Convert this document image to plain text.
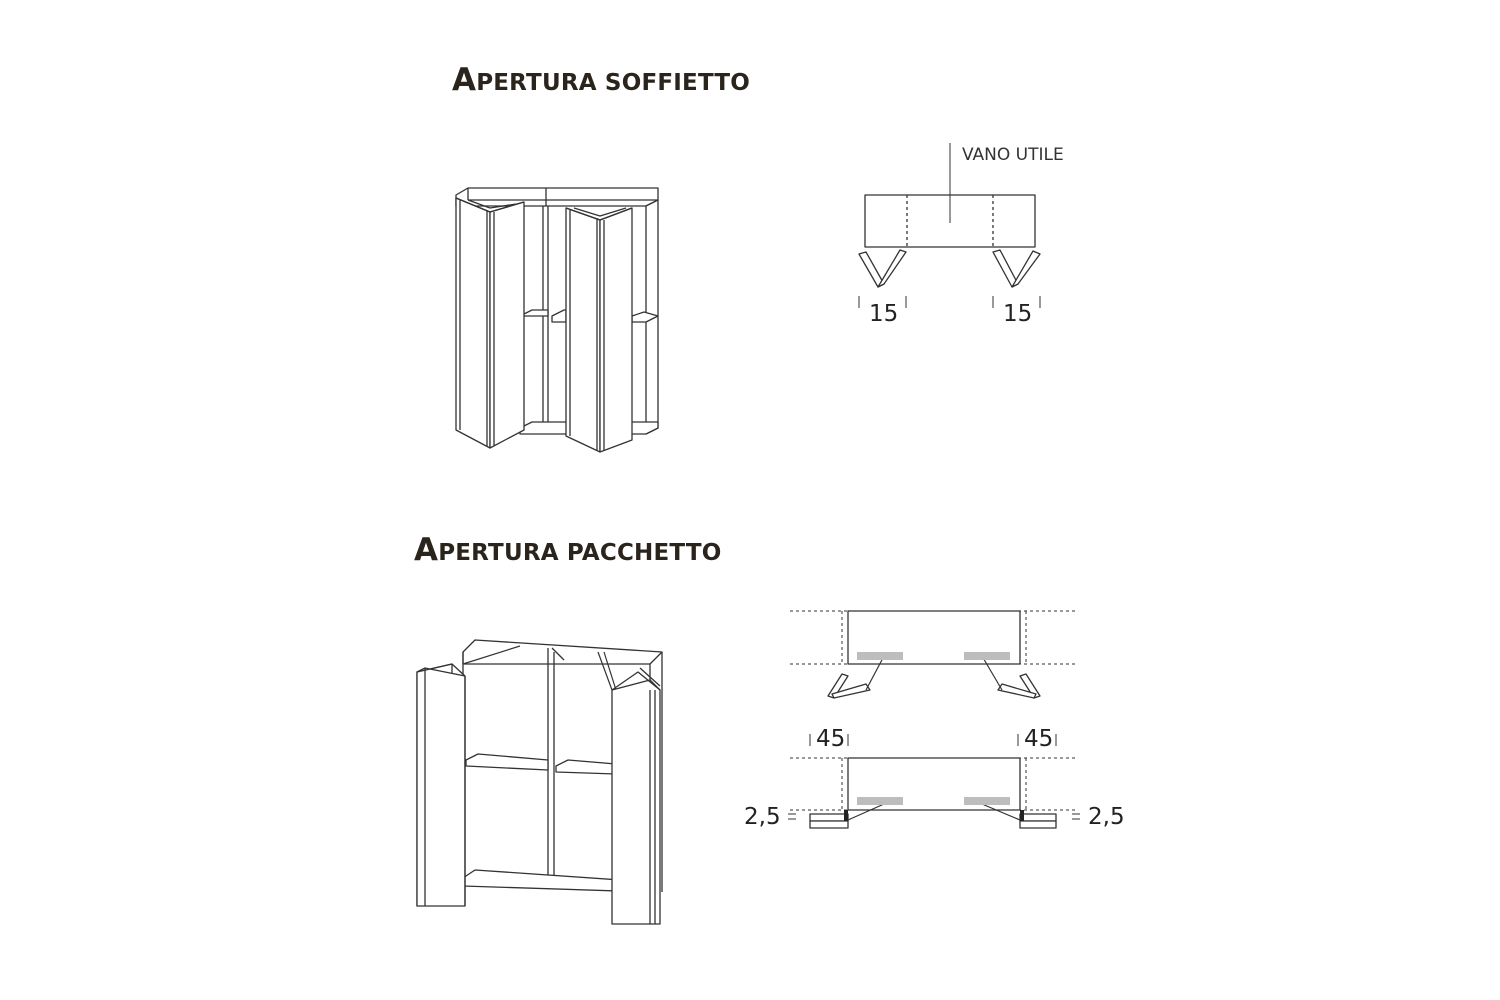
APERTURA SOFFIETTO
APERTURA PACCHETTO
VANO UTILE
15	15
45	45
2,5	2,5
